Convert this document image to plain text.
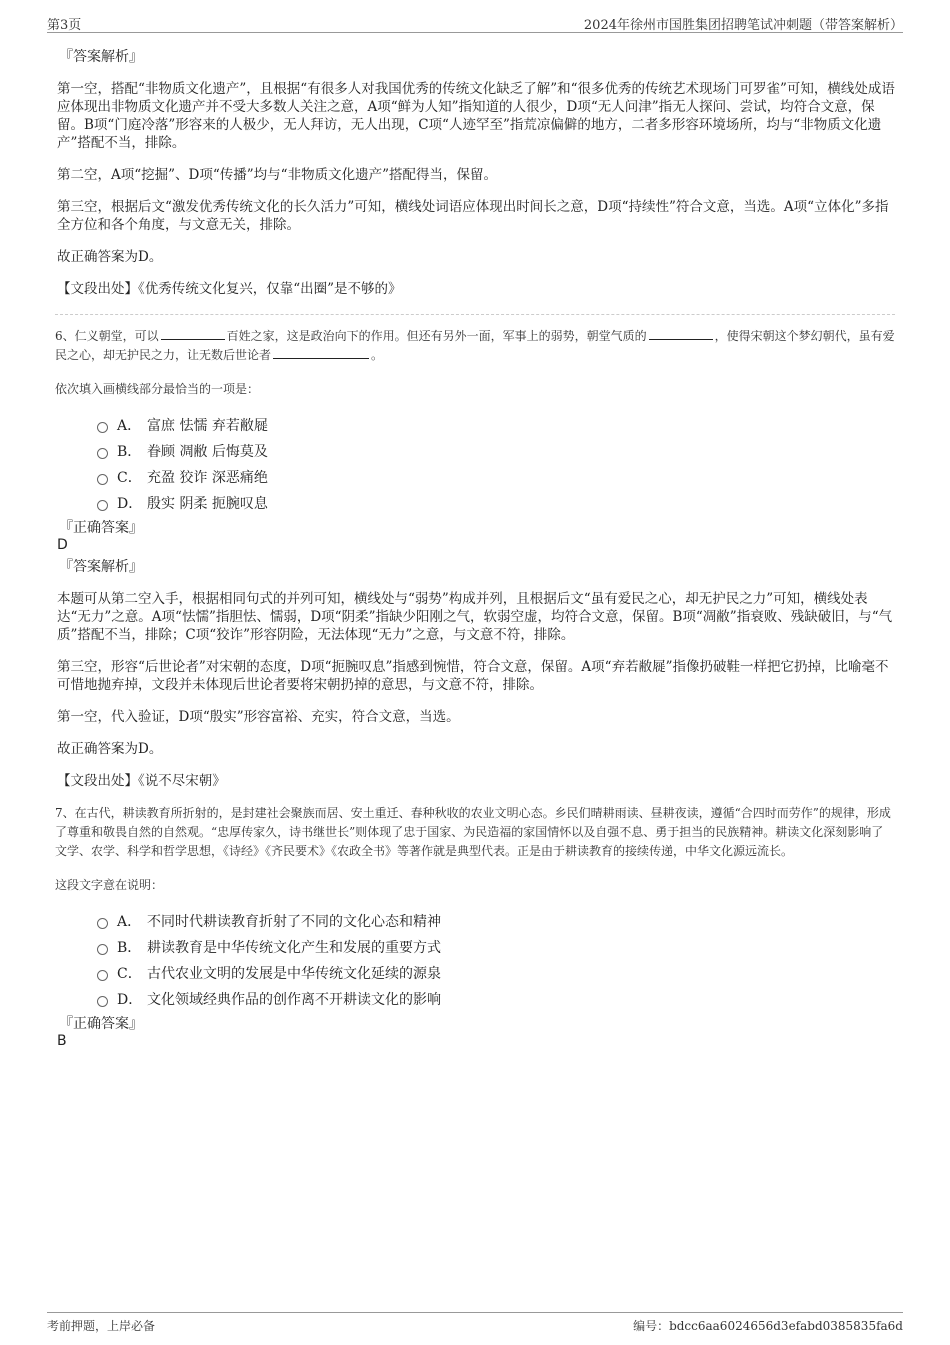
第3页	2024年徐州市国胜集团招聘笔试冲刺题（带答案解析）
『答案解析』

第一空，搭配“非物质文化遗产”，且根据“有很多人对我国优秀的传统文化缺乏了解”和“很多优秀的传统艺术现场门可罗雀”可知，横线处成语应体现出非物质文化遗产并不受大多数人关注之意，A项“鲜为人知”指知道的人很少，D项“无人问津”指无人探问、尝试，均符合文意，保留。B项“门庭冷落”形容来的人极少，无人拜访，无人出现，C项“人迹罕至”指荒凉偏僻的地方，二者多形容环境场所，均与“非物质文化遗产”搭配不当，排除。

第二空，A项“挖掘”、D项“传播”均与“非物质文化遗产”搭配得当，保留。

第三空，根据后文“激发优秀传统文化的长久活力”可知，横线处词语应体现出时间长之意，D项“持续性”符合文意，当选。A项“立体化”多指全方位和各个角度，与文意无关，排除。

故正确答案为D。

【文段出处】《优秀传统文化复兴，仅靠“出圈”是不够的》

6、仁义朝堂，可以	百姓之家，这是政治向下的作用。但还有另外一面，军事上的弱势，朝堂气质的	，使得宋朝这个梦幻朝代，虽有爱民之心，却无护民之力，让无数后世论者	。

依次填入画横线部分最恰当的一项是：

A． 富庶 怯懦 弃若敝屣
B． 眷顾 凋敝 后悔莫及
C． 充盈 狡诈 深恶痛绝
D． 殷实 阴柔 扼腕叹息
『正确答案』
D
『答案解析』

本题可从第二空入手，根据相同句式的并列可知，横线处与“弱势”构成并列，且根据后文“虽有爱民之心，却无护民之力”可知，横线处表达“无力”之意。A项“怯懦”指胆怯、懦弱，D项“阴柔”指缺少阳刚之气，软弱空虚，均符合文意，保留。B项“凋敝”指衰败、残缺破旧，与“气质”搭配不当，排除；C项“狡诈”形容阴险，无法体现“无力”之意，与文意不符，排除。

第三空，形容“后世论者”对宋朝的态度，D项“扼腕叹息”指感到惋惜，符合文意，保留。A项“弃若敝屣”指像扔破鞋一样把它扔掉，比喻毫不可惜地抛弃掉，文段并未体现后世论者要将宋朝扔掉的意思，与文意不符，排除。

第一空，代入验证，D项“殷实”形容富裕、充实，符合文意，当选。

故正确答案为D。

【文段出处】《说不尽宋朝》

7、在古代，耕读教育所折射的，是封建社会聚族而居、安土重迁、春种秋收的农业文明心态。乡民们晴耕雨读、昼耕夜读，遵循“合四时而劳作”的规律，形成了尊重和敬畏自然的自然观。“忠厚传家久，诗书继世长”则体现了忠于国家、为民造福的家国情怀以及自强不息、勇于担当的民族精神。耕读文化深刻影响了文学、农学、科学和哲学思想，《诗经》《齐民要术》《农政全书》等著作就是典型代表。正是由于耕读教育的接续传递，中华文化源远流长。

这段文字意在说明：

A． 不同时代耕读教育折射了不同的文化心态和精神
B． 耕读教育是中华传统文化产生和发展的重要方式
C． 古代农业文明的发展是中华传统文化延续的源泉
D． 文化领域经典作品的创作离不开耕读文化的影响
『正确答案』
B
考前押题，上岸必备	编号：bdcc6aa6024656d3efabd0385835fa6d
